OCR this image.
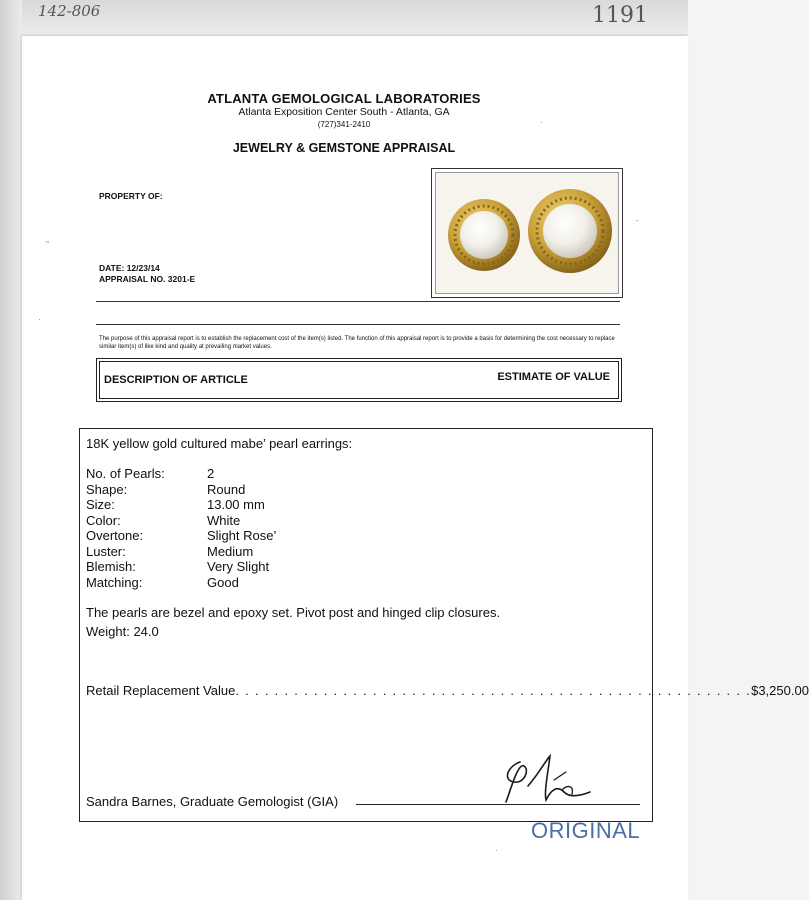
142-806	1191
ATLANTA GEMOLOGICAL LABORATORIES
Atlanta Exposition Center South - Atlanta, GA
(727)341-2410
JEWELRY & GEMSTONE APPRAISAL
PROPERTY OF:
DATE: 12/23/14
APPRAISAL NO. 3201-E
The purpose of this appraisal report is to establish the replacement cost of the item(s) listed. The function of this appraisal report is to provide a basis for determining the cost necessary to replace similar item(s) of like kind and quality at prevailing market values.
DESCRIPTION OF ARTICLE	ESTIMATE OF VALUE
18K yellow gold cultured mabe’ pearl earrings:
No. of Pearls:	2
Shape:	Round
Size:	13.00 mm
Color:	White
Overtone:	Slight Rose’
Luster:	Medium
Blemish:	Very Slight
Matching:	Good
The pearls are bezel and epoxy set. Pivot post and hinged clip closures.
Weight: 24.0
Retail Replacement Value . . . . . . . . . . . . . . . . . . . . . . . . . . . . . . . . . . . . . . . . . . . . . . . . . . . . . $3,250.00
Sandra Barnes, Graduate Gemologist (GIA)
ORIGINAL
"
·
·
-
·
